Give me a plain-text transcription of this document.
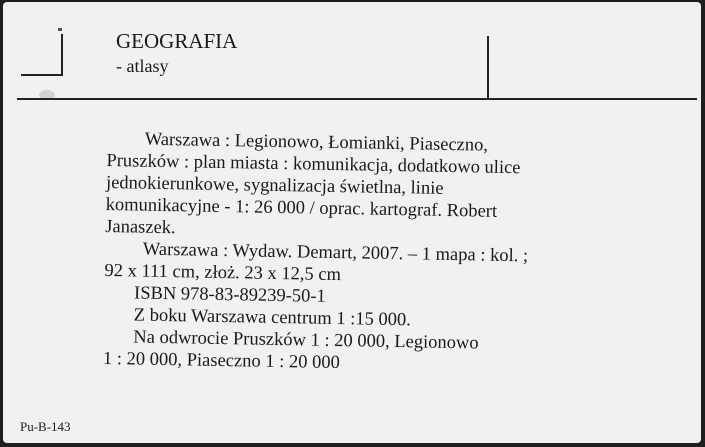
GEOGRAFIA
- atlasy
Warszawa : Legionowo, Łomianki, Piaseczno,
Pruszków : plan miasta : komunikacja, dodatkowo ulice
jednokierunkowe, sygnalizacja świetlna, linie
komunikacyjne - 1: 26 000 / oprac. kartograf. Robert
Janaszek.
Warszawa : Wydaw. Demart, 2007. – 1 mapa : kol. ;
92 x 111 cm, złoż. 23 x 12,5 cm
ISBN 978-83-89239-50-1
Z boku Warszawa centrum 1 :15 000.
Na odwrocie Pruszków 1 : 20 000, Legionowo
1 : 20 000, Piaseczno 1 : 20 000
Pu-B-143
